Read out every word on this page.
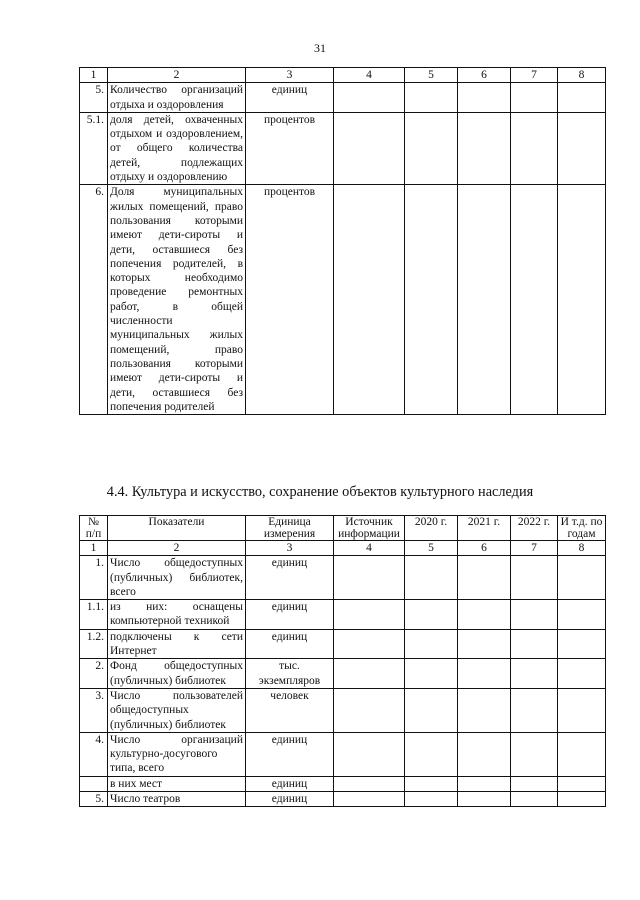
31
1	2	3	4	5	6	7	8
5.	Количество организаций отдыха и оздоровления	единиц					
5.1.	доля детей, охваченных отдыхом и оздоровлением, от общего количества детей, подлежащих отдыху и оздоровлению	процентов					
6.	Доля муниципальных жилых помещений, право пользования которыми имеют дети-сироты и дети, оставшиеся без попечения родителей, в которых необходимо проведение ремонтных работ, в общей численности муниципальных жилых помещений, право пользования которыми имеют дети-сироты и дети, оставшиеся без попечения родителей	процентов					
4.4. Культура и искусство, сохранение объектов культурного наследия
№ п/п	Показатели	Единица измерения	Источник информации	2020 г.	2021 г.	2022 г.	И т.д. по годам
1	2	3	4	5	6	7	8
1.	Число общедоступных (публичных) библиотек, всего	единиц					
1.1.	из них: оснащены компьютерной техникой	единиц					
1.2.	подключены к сети Интернет	единиц					
2.	Фонд общедоступных (публичных) библиотек	тыс. экземпляров					
3.	Число пользователей общедоступных (публичных) библиотек	человек					
4.	Число организаций культурно-досугового типа, всего	единиц					
	в них мест	единиц					
5.	Число театров	единиц					
